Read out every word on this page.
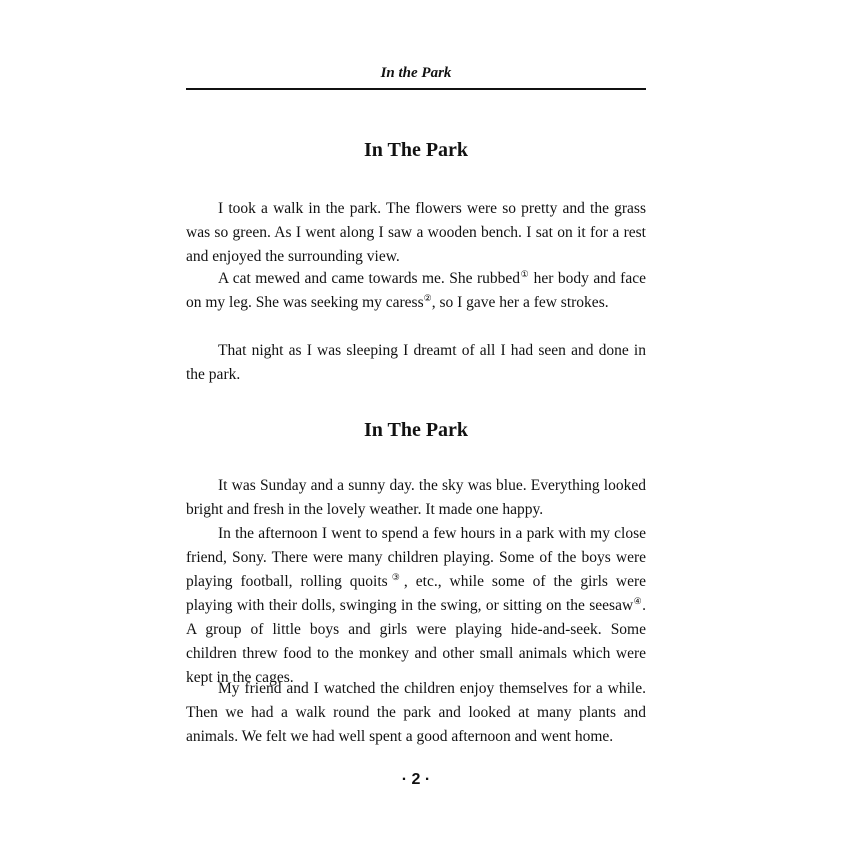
In the Park
In The Park

I took a walk in the park. The flowers were so pretty and the grass was so green. As I went along I saw a wooden bench. I sat on it for a rest and enjoyed the surrounding view.

A cat mewed and came towards me. She rubbed① her body and face on my leg. She was seeking my caress②, so I gave her a few strokes.

That night as I was sleeping I dreamt of all I had seen and done in the park.

In The Park

It was Sunday and a sunny day. the sky was blue. Everything looked bright and fresh in the lovely weather. It made one happy.

In the afternoon I went to spend a few hours in a park with my close friend, Sony. There were many children playing. Some of the boys were playing football, rolling quoits③, etc., while some of the girls were playing with their dolls, swinging in the swing, or sitting on the seesaw④. A group of little boys and girls were playing hide-and-seek. Some children threw food to the monkey and other small animals which were kept in the cages.

My friend and I watched the children enjoy themselves for a while. Then we had a walk round the park and looked at many plants and animals. We felt we had well spent a good afternoon and went home.

· 2 ·
